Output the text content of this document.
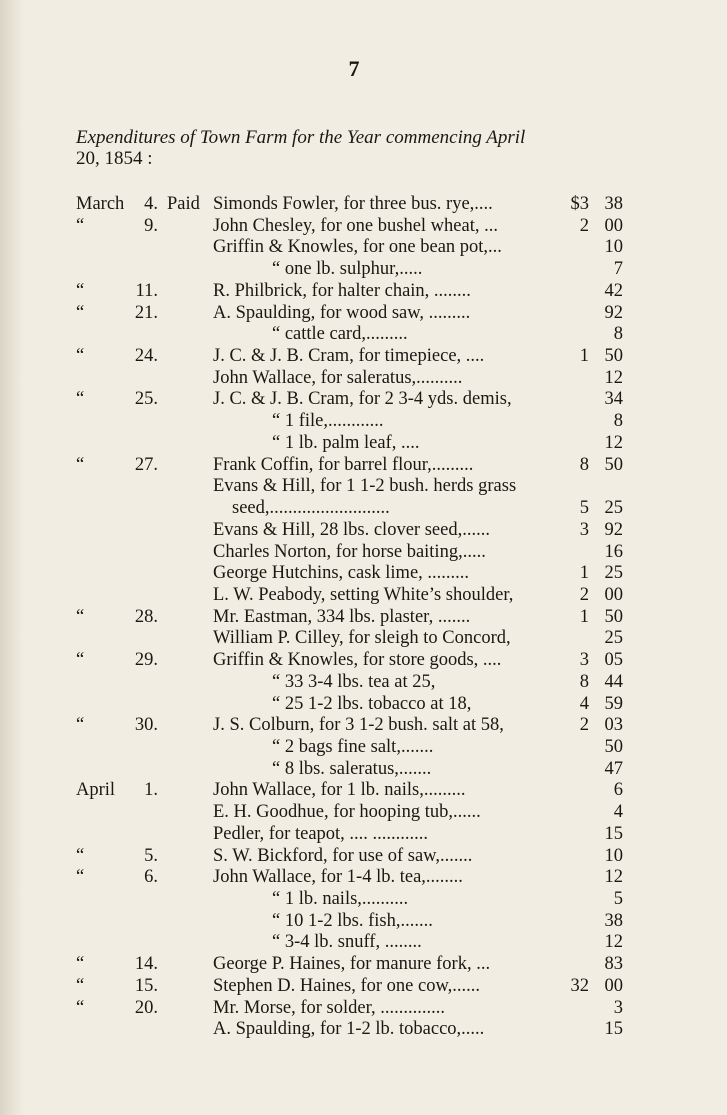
7
Expenditures of Town Farm for the Year commencing April
20, 1854 :
March	4. Paid Simonds Fowler, for three bus. rye,....	$3 38
“	9.	John Chesley, for one bushel wheat, ...	2 00
Griffin & Knowles, for one bean pot,...	10
“ one lb. sulphur,.....	7
“	11.	R. Philbrick, for halter chain, ........	42
“	21.	A. Spaulding, for wood saw, .........	92
“ cattle card,.........	8
“	24.	J. C. & J. B. Cram, for timepiece, ....	1 50
John Wallace, for saleratus,..........	12
“	25.	J. C. & J. B. Cram, for 2 3-4 yds. demis,	34
“ 1 file,............	8
“ 1 lb. palm leaf, ....	12
“	27.	Frank Coffin, for barrel flour,.........	8 50
Evans & Hill, for 1 1-2 bush. herds grass
seed,..........................	5 25
Evans & Hill, 28 lbs. clover seed,......	3 92
Charles Norton, for horse baiting,.....	16
George Hutchins, cask lime, .........	1 25
L. W. Peabody, setting White’s shoulder,	2 00
“	28.	Mr. Eastman, 334 lbs. plaster, .......	1 50
William P. Cilley, for sleigh to Concord,	25
“	29.	Griffin & Knowles, for store goods, ....	3 05
“ 33 3-4 lbs. tea at 25,	8 44
“ 25 1-2 lbs. tobacco at 18,	4 59
“	30.	J. S. Colburn, for 3 1-2 bush. salt at 58,	2 03
“ 2 bags fine salt,.......	50
“ 8 lbs. saleratus,.......	47
April	1.	John Wallace, for 1 lb. nails,.........	6
E. H. Goodhue, for hooping tub,......	4
Pedler, for teapot, .... ............	15
“	5.	S. W. Bickford, for use of saw,.......	10
“	6.	John Wallace, for 1-4 lb. tea,........	12
“ 1 lb. nails,..........	5
“ 10 1-2 lbs. fish,.......	38
“ 3-4 lb. snuff, ........	12
“	14.	George P. Haines, for manure fork, ...	83
“	15.	Stephen D. Haines, for one cow,......	32 00
“	20.	Mr. Morse, for solder, ..............	3
A. Spaulding, for 1-2 lb. tobacco,.....	15
